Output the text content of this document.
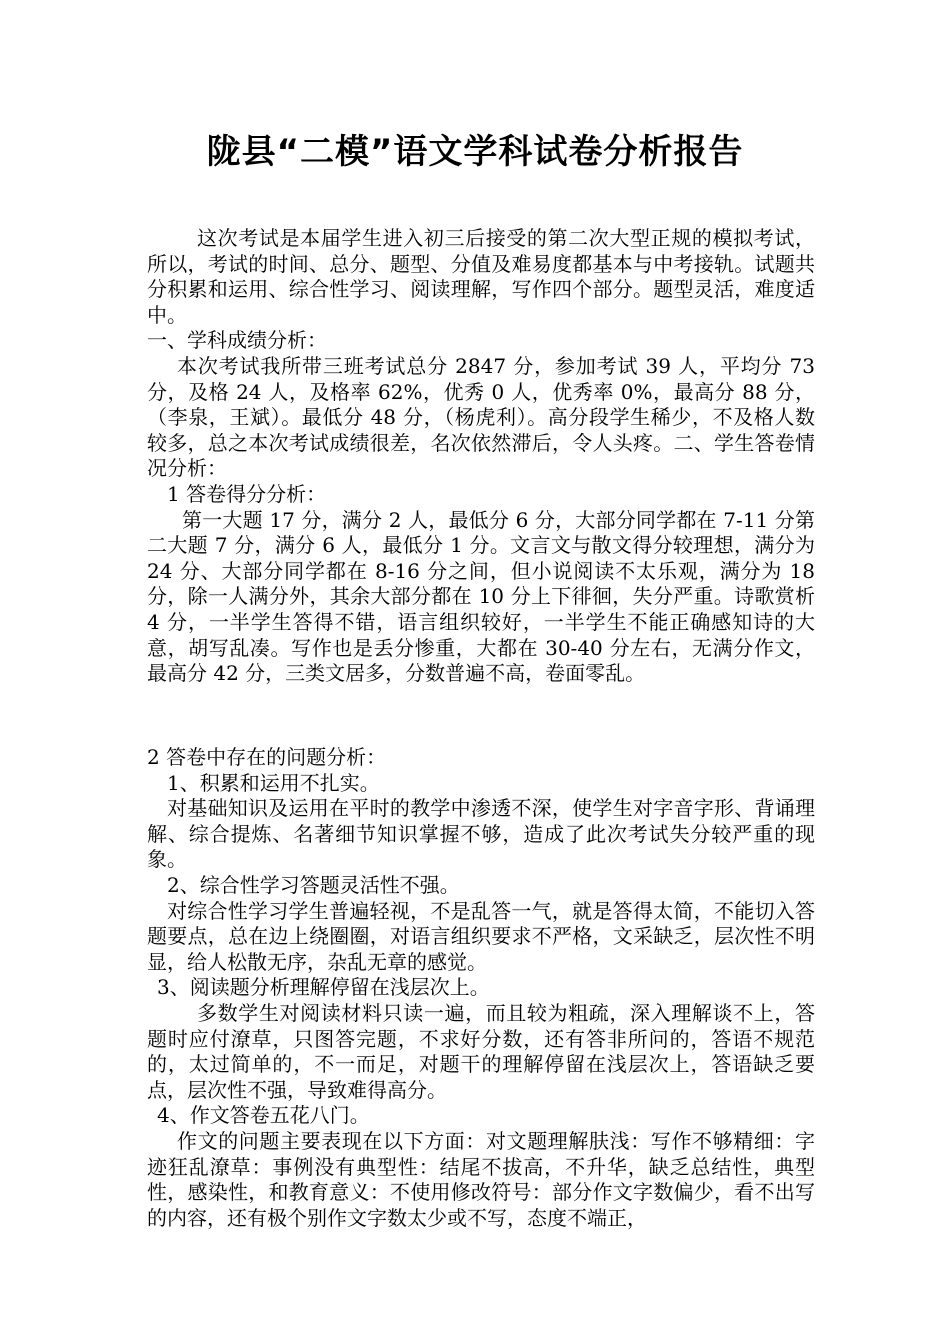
陇县“二模”语文学科试卷分析报告

这次考试是本届学生进入初三后接受的第二次大型正规的模拟考试，所以，考试的时间、总分、题型、分值及难易度都基本与中考接轨。试题共分积累和运用、综合性学习、阅读理解，写作四个部分。题型灵活，难度适中。

一、学科成绩分析：

本次考试我所带三班考试总分 2847 分，参加考试 39 人，平均分 73 分，及格 24 人，及格率 62%，优秀 0 人，优秀率 0%，最高分 88 分，（李泉，王斌）。最低分 48 分，（杨虎利）。高分段学生稀少，不及格人数较多，总之本次考试成绩很差，名次依然滞后，令人头疼。二、学生答卷情况分析：

1 答卷得分分析：

第一大题 17 分，满分 2 人，最低分 6 分，大部分同学都在 7-11 分第二大题 7 分，满分 6 人，最低分 1 分。文言文与散文得分较理想，满分为 24 分、大部分同学都在 8-16 分之间，但小说阅读不太乐观，满分为 18 分，除一人满分外，其余大部分都在 10 分上下徘徊，失分严重。诗歌赏析 4 分，一半学生答得不错，语言组织较好，一半学生不能正确感知诗的大意，胡写乱凑。写作也是丢分惨重，大都在 30-40 分左右，无满分作文，最高分 42 分，三类文居多，分数普遍不高，卷面零乱。

2 答卷中存在的问题分析：

1、积累和运用不扎实。

对基础知识及运用在平时的教学中渗透不深，使学生对字音字形、背诵理解、综合提炼、名著细节知识掌握不够，造成了此次考试失分较严重的现象。

2、综合性学习答题灵活性不强。

对综合性学习学生普遍轻视，不是乱答一气，就是答得太简，不能切入答题要点，总在边上绕圈圈，对语言组织要求不严格，文采缺乏，层次性不明显，给人松散无序，杂乱无章的感觉。

3、阅读题分析理解停留在浅层次上。

多数学生对阅读材料只读一遍，而且较为粗疏，深入理解谈不上，答题时应付潦草，只图答完题，不求好分数，还有答非所问的，答语不规范的，太过简单的，不一而足，对题干的理解停留在浅层次上，答语缺乏要点，层次性不强，导致难得高分。

4、作文答卷五花八门。

作文的问题主要表现在以下方面：对文题理解肤浅：写作不够精细：字迹狂乱潦草：事例没有典型性：结尾不拔高，不升华，缺乏总结性，典型性，感染性，和教育意义：不使用修改符号：部分作文字数偏少，看不出写的内容，还有极个别作文字数太少或不写，态度不端正，
